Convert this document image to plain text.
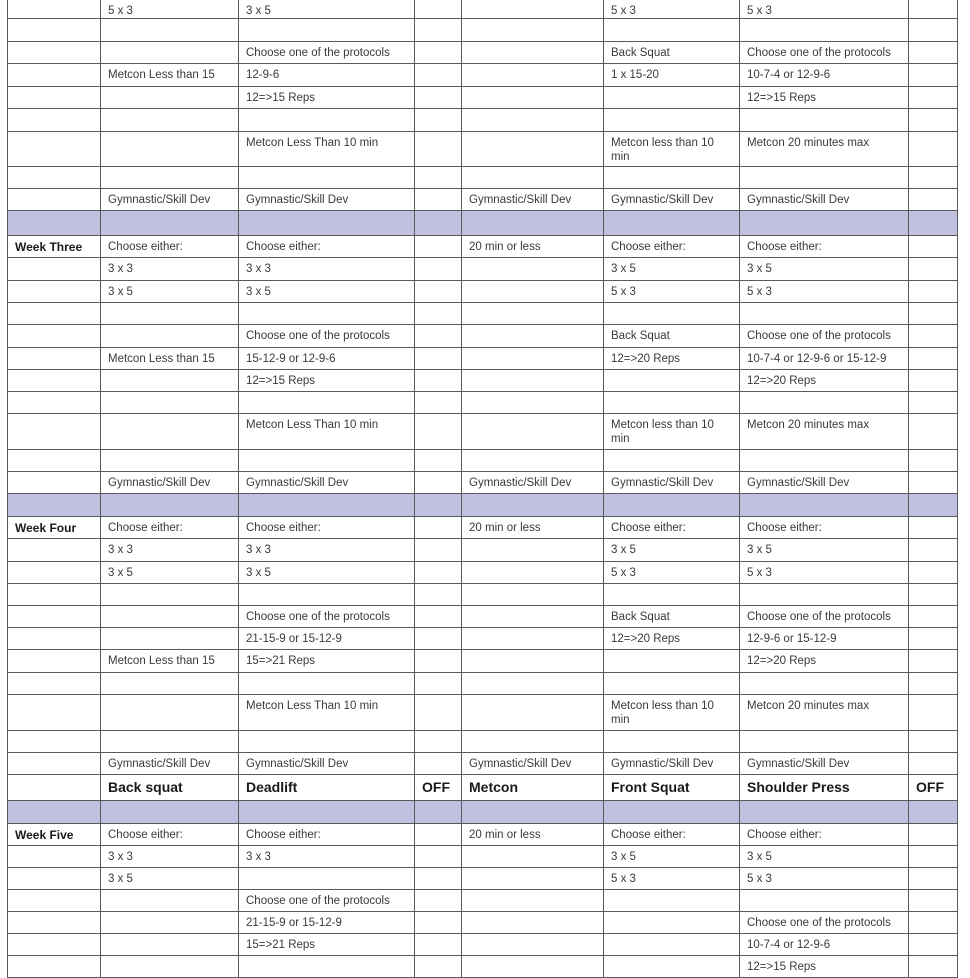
	5 x 3	3 x 5			5 x 3	5 x 3	

		Choose one of the protocols			Back Squat	Choose one of the protocols	

	Metcon Less than 15	12-9-6			1 x 15-20	10-7-4 or 12-9-6	

		12=>15 Reps				12=>15 Reps	

		Metcon Less Than 10 min			Metcon less than 10 min	Metcon 20 minutes max	

	Gymnastic/Skill Dev	Gymnastic/Skill Dev		Gymnastic/Skill Dev	Gymnastic/Skill Dev	Gymnastic/Skill Dev	

Week Three	Choose either:	Choose either:		20 min or less	Choose either:	Choose either:	

	3 x 3	3 x 3			3 x 5	3 x 5	

	3 x 5	3 x 5			5 x 3	5 x 3	

		Choose one of the protocols			Back Squat	Choose one of the protocols	

	Metcon Less than 15	15-12-9 or 12-9-6			12=>20 Reps	10-7-4 or 12-9-6 or 15-12-9	

		12=>15 Reps				12=>20 Reps	

		Metcon Less Than 10 min			Metcon less than 10 min	Metcon 20 minutes max	

	Gymnastic/Skill Dev	Gymnastic/Skill Dev		Gymnastic/Skill Dev	Gymnastic/Skill Dev	Gymnastic/Skill Dev	

Week Four	Choose either:	Choose either:		20 min or less	Choose either:	Choose either:	

	3 x 3	3 x 3			3 x 5	3 x 5	

	3 x 5	3 x 5			5 x 3	5 x 3	

		Choose one of the protocols			Back Squat	Choose one of the protocols	

		21-15-9 or 15-12-9			12=>20 Reps	12-9-6 or 15-12-9	

	Metcon Less than 15	15=>21 Reps				12=>20 Reps	

		Metcon Less Than 10 min			Metcon less than 10 min	Metcon 20 minutes max	

	Gymnastic/Skill Dev	Gymnastic/Skill Dev		Gymnastic/Skill Dev	Gymnastic/Skill Dev	Gymnastic/Skill Dev	

	Back squat	Deadlift	OFF	Metcon	Front Squat	Shoulder Press	OFF

Week Five	Choose either:	Choose either:		20 min or less	Choose either:	Choose either:	

	3 x 3	3 x 3			3 x 5	3 x 5	

	3 x 5				5 x 3	5 x 3	

		Choose one of the protocols					

		21-15-9 or 15-12-9				Choose one of the protocols	

		15=>21 Reps				10-7-4 or 12-9-6	

						12=>15 Reps	
